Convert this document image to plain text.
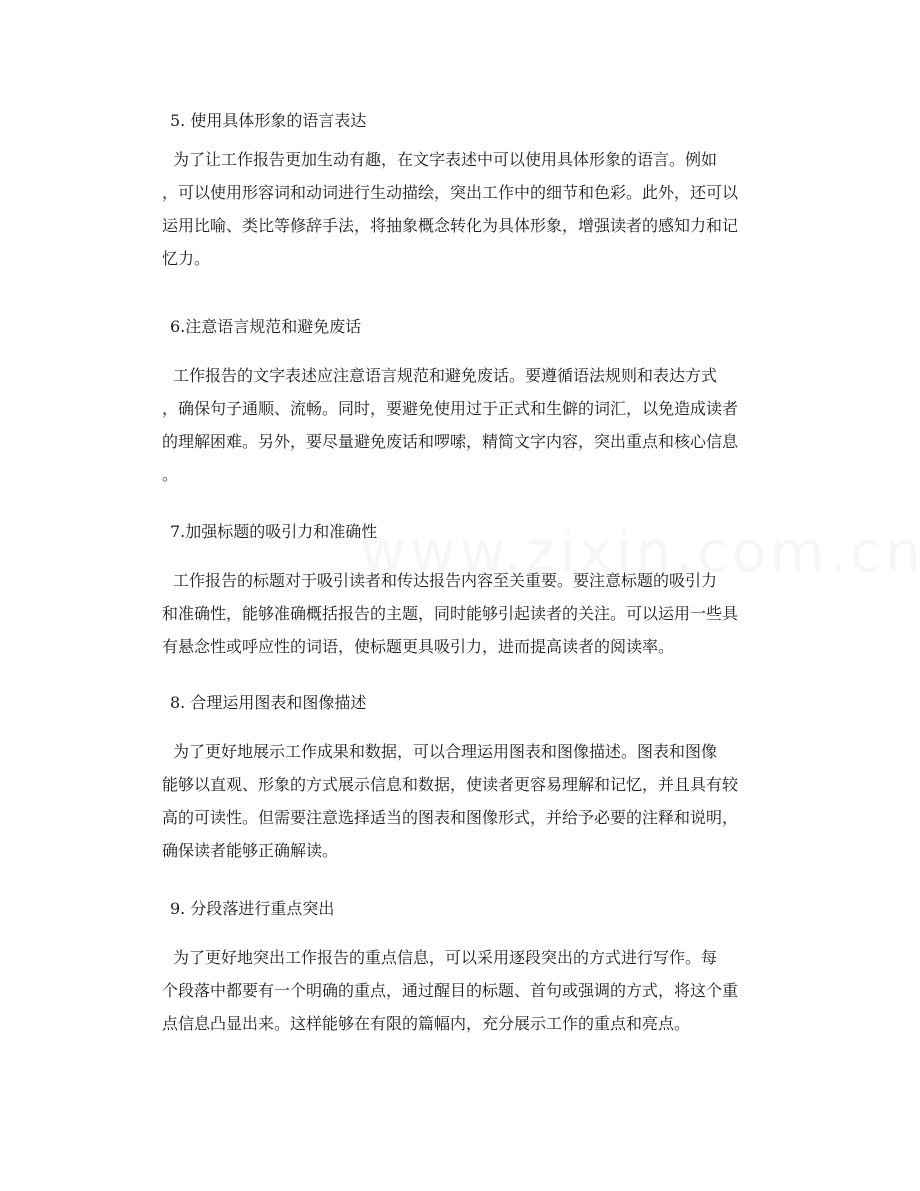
5. 使用具体形象的语言表达
为了让工作报告更加生动有趣，在文字表述中可以使用具体形象的语言。例如
，可以使用形容词和动词进行生动描绘，突出工作中的细节和色彩。此外，还可以
运用比喻、类比等修辞手法，将抽象概念转化为具体形象，增强读者的感知力和记
忆力。
6.注意语言规范和避免废话
工作报告的文字表述应注意语言规范和避免废话。要遵循语法规则和表达方式
，确保句子通顺、流畅。同时，要避免使用过于正式和生僻的词汇，以免造成读者
的理解困难。另外，要尽量避免废话和啰嗦，精简文字内容，突出重点和核心信息
。
7.加强标题的吸引力和准确性
工作报告的标题对于吸引读者和传达报告内容至关重要。要注意标题的吸引力
和准确性，能够准确概括报告的主题，同时能够引起读者的关注。可以运用一些具
有悬念性或呼应性的词语，使标题更具吸引力，进而提高读者的阅读率。
8. 合理运用图表和图像描述
为了更好地展示工作成果和数据，可以合理运用图表和图像描述。图表和图像
能够以直观、形象的方式展示信息和数据，使读者更容易理解和记忆，并且具有较
高的可读性。但需要注意选择适当的图表和图像形式，并给予必要的注释和说明，
确保读者能够正确解读。
9. 分段落进行重点突出
为了更好地突出工作报告的重点信息，可以采用逐段突出的方式进行写作。每
个段落中都要有一个明确的重点，通过醒目的标题、首句或强调的方式，将这个重
点信息凸显出来。这样能够在有限的篇幅内，充分展示工作的重点和亮点。
